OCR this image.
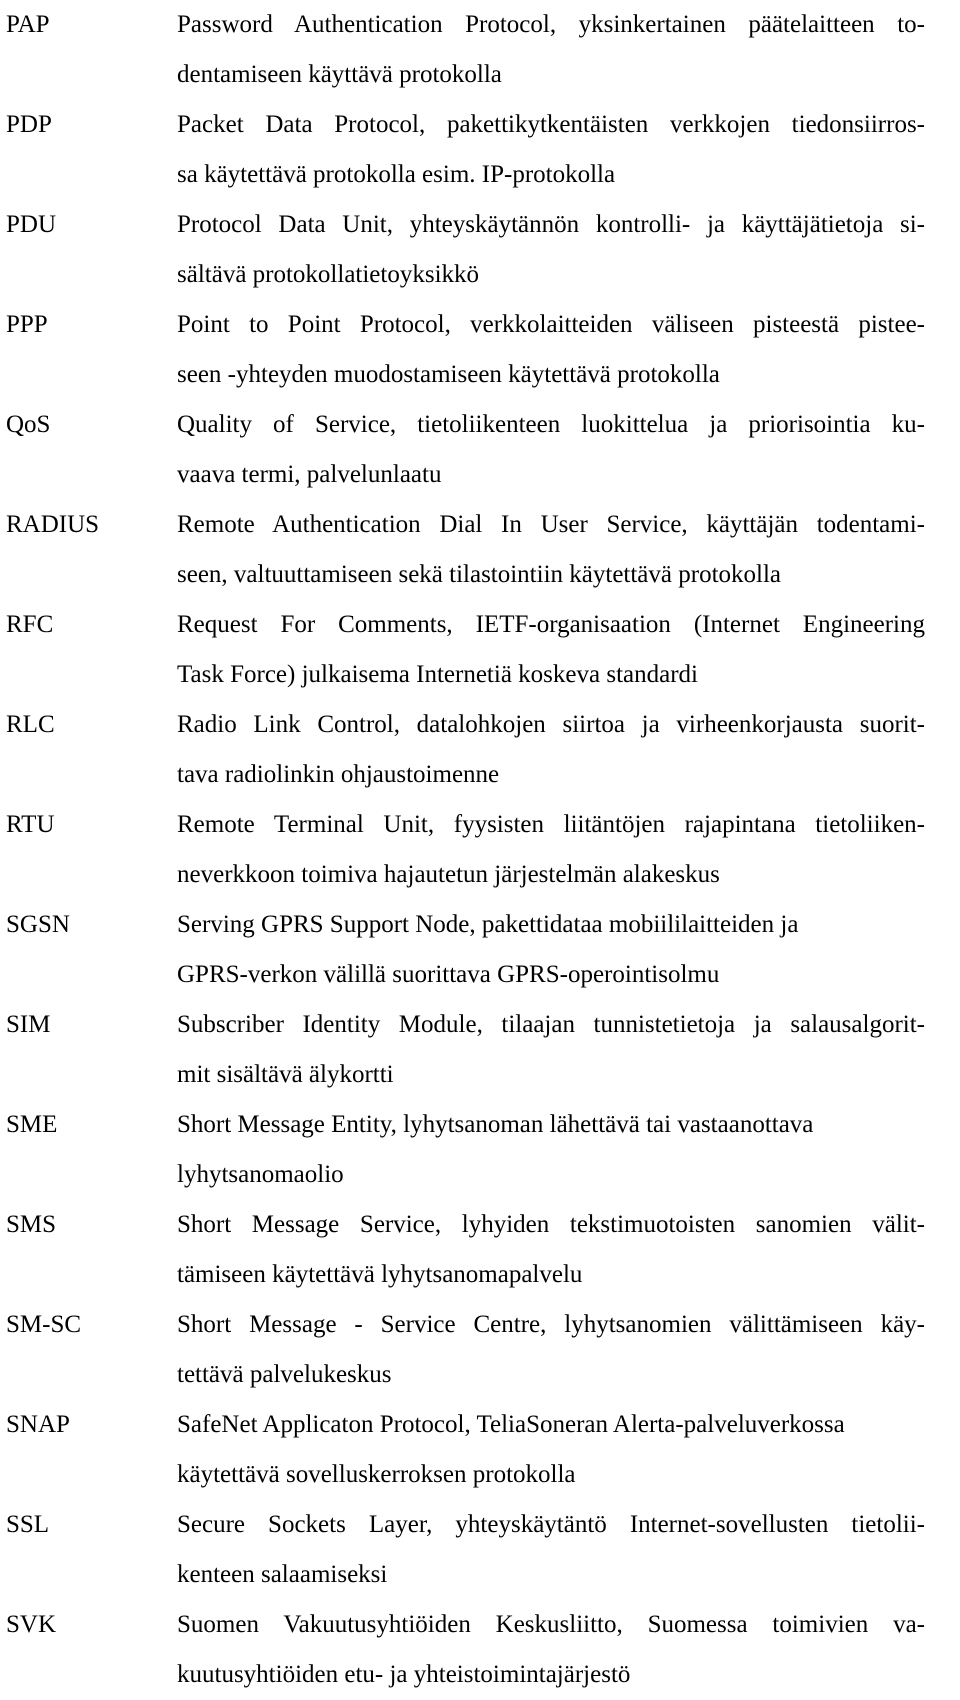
PAP	Password Authentication Protocol, yksinkertainen päätelaitteen to-
dentamiseen käyttävä protokolla
PDP	Packet Data Protocol, pakettikytkentäisten verkkojen tiedonsiirros-
sa käytettävä protokolla esim. IP-protokolla
PDU	Protocol Data Unit, yhteyskäytännön kontrolli- ja käyttäjätietoja si-
sältävä protokollatietoyksikkö
PPP	Point to Point Protocol, verkkolaitteiden väliseen pisteestä pistee-
seen -yhteyden muodostamiseen käytettävä protokolla
QoS	Quality of Service, tietoliikenteen luokittelua ja priorisointia ku-
vaava termi, palvelunlaatu
RADIUS	Remote Authentication Dial In User Service, käyttäjän todentami-
seen, valtuuttamiseen sekä tilastointiin käytettävä protokolla
RFC	Request For Comments, IETF-organisaation (Internet Engineering
Task Force) julkaisema Internetiä koskeva standardi
RLC	Radio Link Control, datalohkojen siirtoa ja virheenkorjausta suorit-
tava radiolinkin ohjaustoimenne
RTU	Remote Terminal Unit, fyysisten liitäntöjen rajapintana tietoliiken-
neverkkoon toimiva hajautetun järjestelmän alakeskus
SGSN	Serving GPRS Support Node, pakettidataa mobiililaitteiden ja
GPRS-verkon välillä suorittava GPRS-operointisolmu
SIM	Subscriber Identity Module, tilaajan tunnistetietoja ja salausalgorit-
mit sisältävä älykortti
SME	Short Message Entity, lyhytsanoman lähettävä tai vastaanottava
lyhytsanomaolio
SMS	Short Message Service, lyhyiden tekstimuotoisten sanomien välit-
tämiseen käytettävä lyhytsanomapalvelu
SM-SC	Short Message - Service Centre, lyhytsanomien välittämiseen käy-
tettävä palvelukeskus
SNAP	SafeNet Applicaton Protocol, TeliaSoneran Alerta-palveluverkossa
käytettävä sovelluskerroksen protokolla
SSL	Secure Sockets Layer, yhteyskäytäntö Internet-sovellusten tietolii-
kenteen salaamiseksi
SVK	Suomen Vakuutusyhtiöiden Keskusliitto, Suomessa toimivien va-
kuutusyhtiöiden etu- ja yhteistoimintajärjestö
